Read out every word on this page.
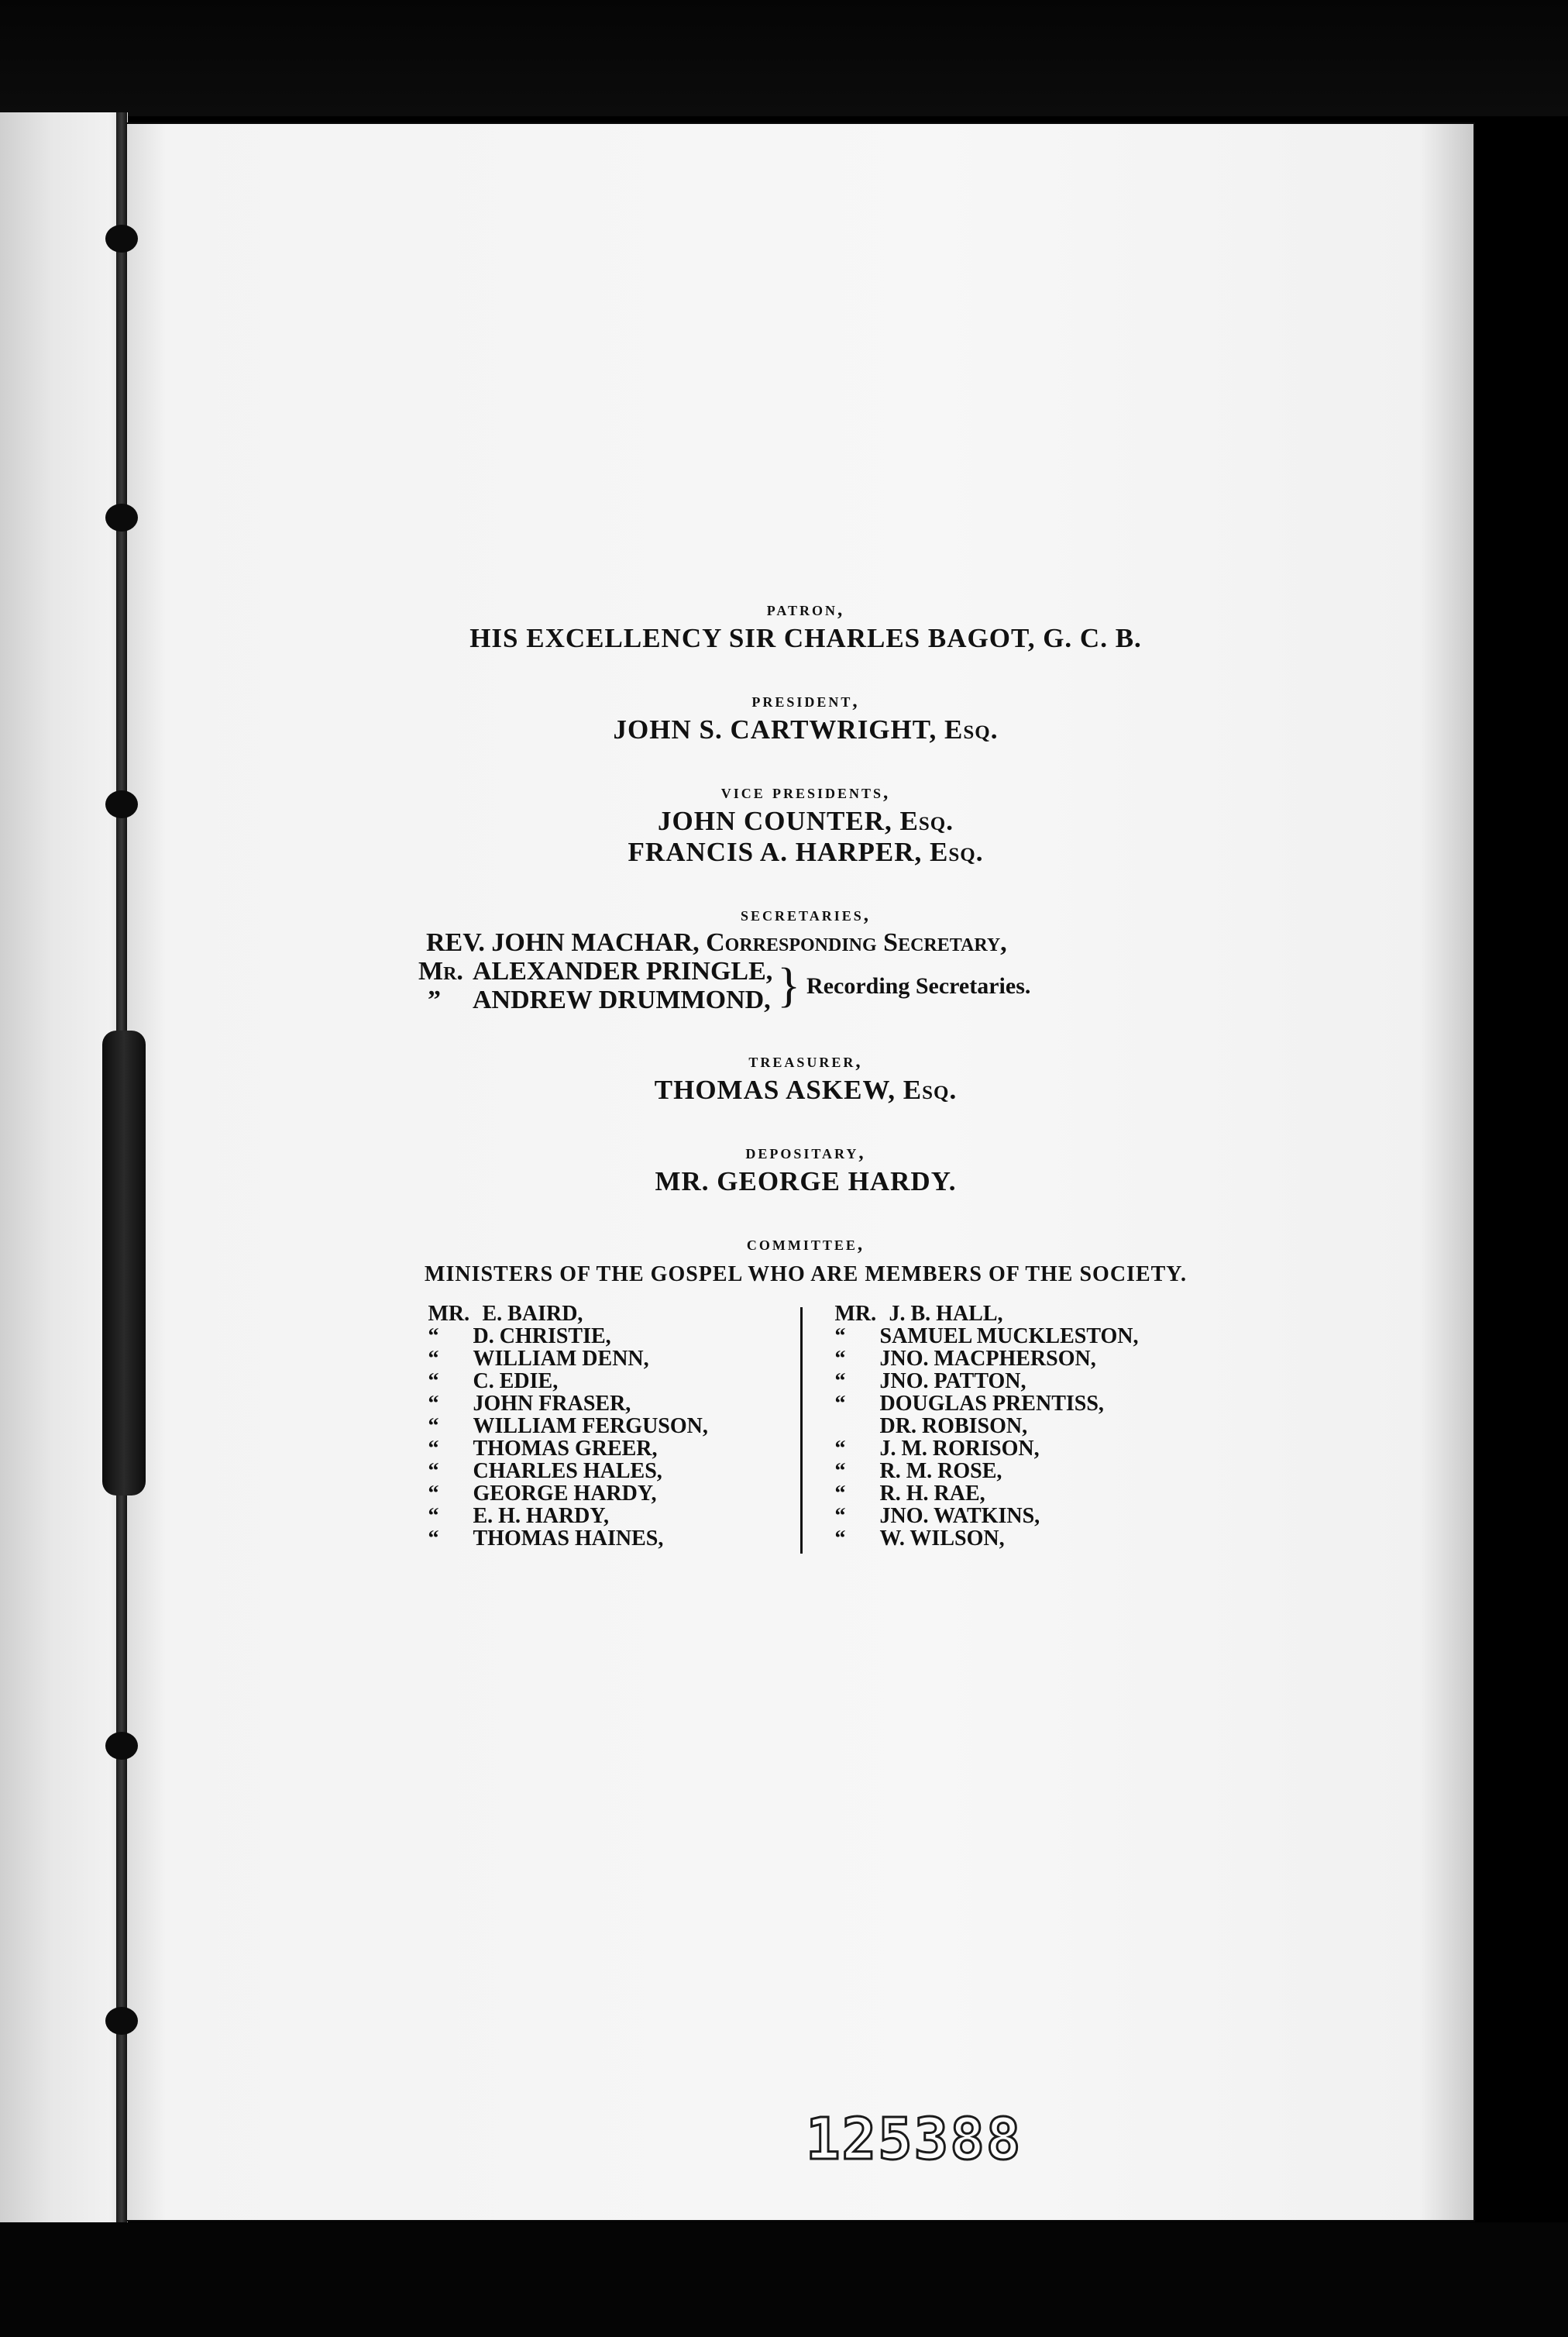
patron,

HIS EXCELLENCY SIR CHARLES BAGOT, G. C. B.

president,

JOHN S. CARTWRIGHT, Esq.

vice presidents,

JOHN COUNTER, Esq.

FRANCIS A. HARPER, Esq.

secretaries,

REV. JOHN MACHAR,
Corresponding Secretary,
Mr. ALEXANDER PRINGLE,
”	ANDREW DRUMMOND, } Recording Secretaries.

treasurer,

THOMAS ASKEW, Esq.

depositary,

MR. GEORGE HARDY.

committee,

MINISTERS OF THE GOSPEL WHO ARE MEMBERS OF THE SOCIETY.

MR. E. BAIRD,
“	D. CHRISTIE,
“	WILLIAM DENN,
“	C. EDIE,
“	JOHN FRASER,
“	WILLIAM FERGUSON,
“	THOMAS GREER,
“	CHARLES HALES,
“	GEORGE HARDY,
“	E. H. HARDY,
“	THOMAS HAINES,
MR. J. B. HALL,
“	SAMUEL MUCKLESTON,
“	JNO. MACPHERSON,
“	JNO. PATTON,
“	DOUGLAS PRENTISS,
DR. ROBISON,
“	J. M. RORISON,
“	R. M. ROSE,
“	R. H. RAE,
“	JNO. WATKINS,
“	W. WILSON,
125388
